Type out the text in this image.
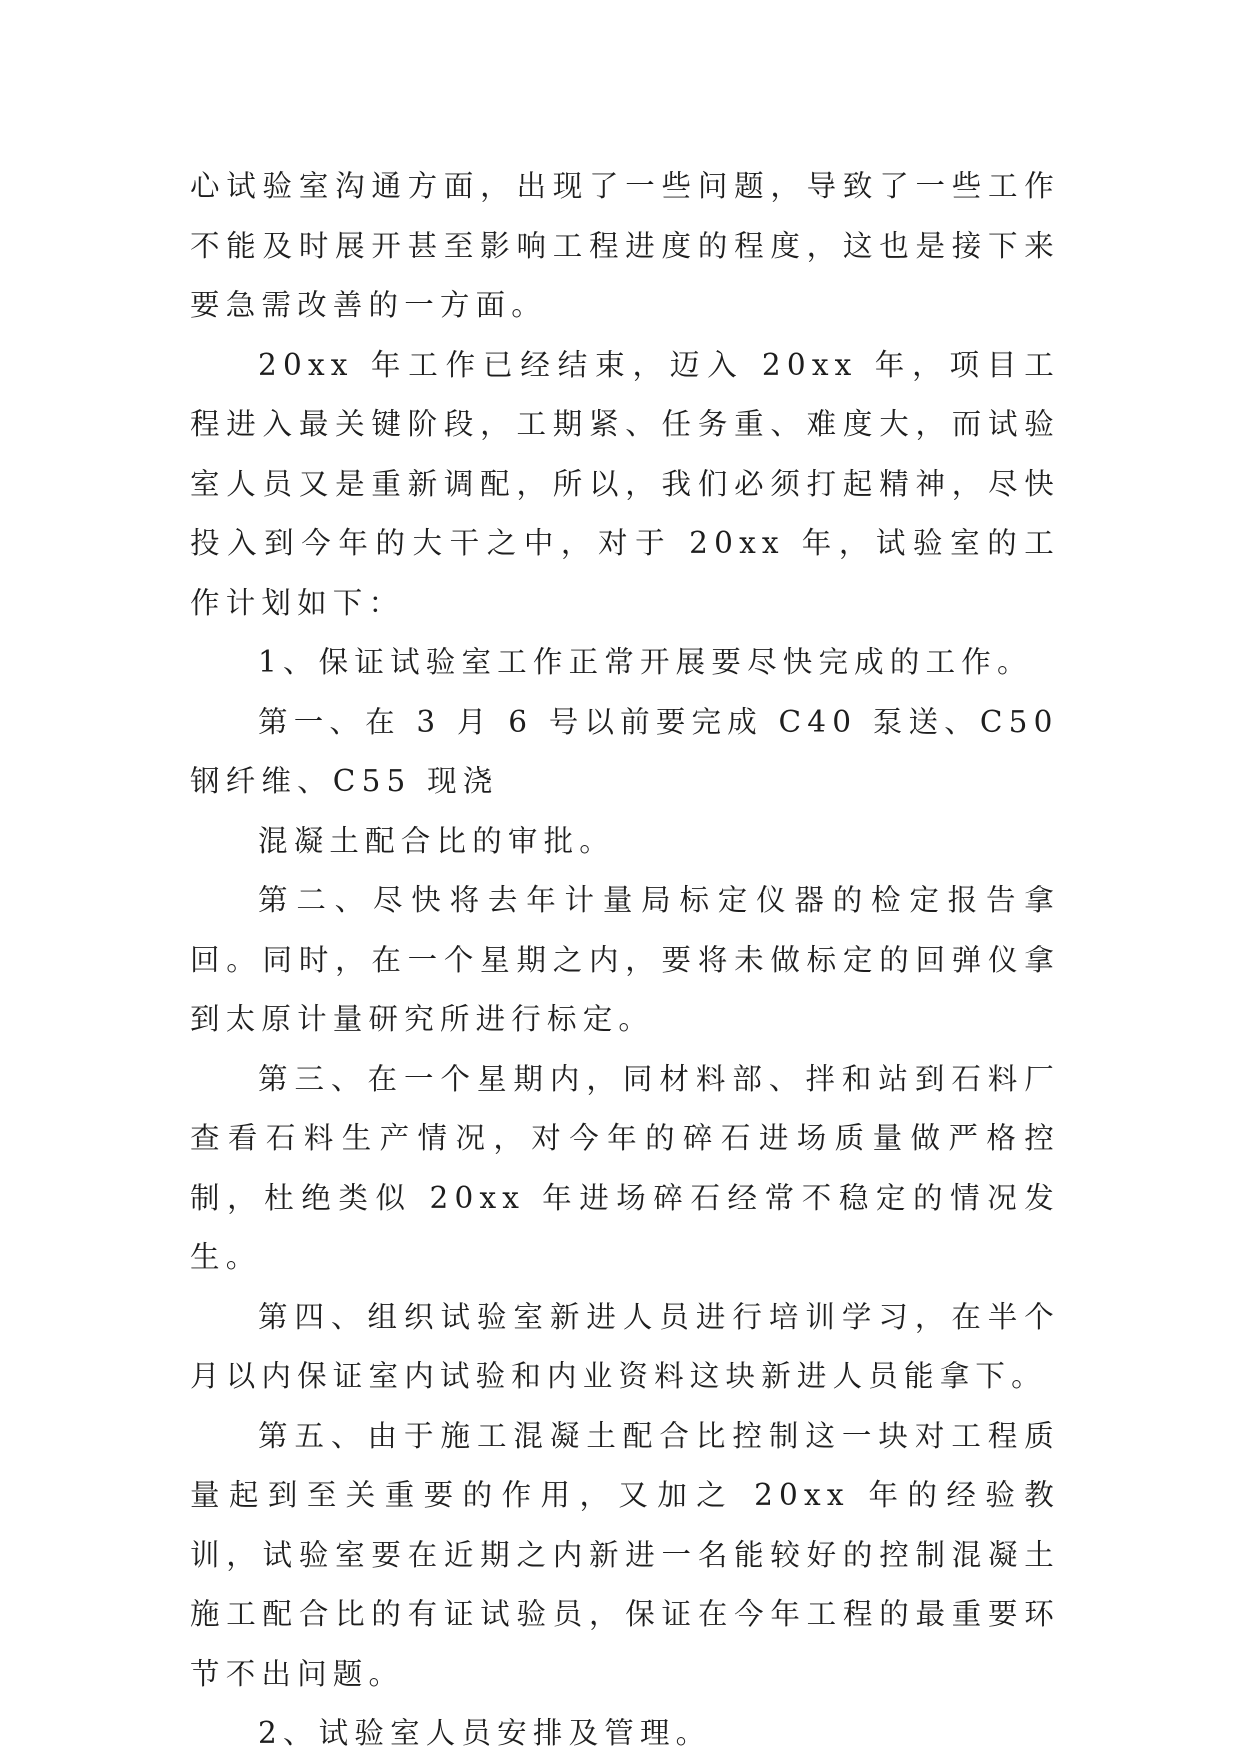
心试验室沟通方面，出现了一些问题，导致了一些工作不能及时展开甚至影响工程进度的程度，这也是接下来要急需改善的一方面。

20xx 年工作已经结束，迈入 20xx 年，项目工程进入最关键阶段，工期紧、任务重、难度大，而试验室人员又是重新调配，所以，我们必须打起精神，尽快投入到今年的大干之中，对于 20xx 年，试验室的工作计划如下：

1、保证试验室工作正常开展要尽快完成的工作。

第一、在 3 月 6 号以前要完成 C40 泵送、C50 钢纤维、C55 现浇

混凝土配合比的审批。

第二、尽快将去年计量局标定仪器的检定报告拿回。同时，在一个星期之内，要将未做标定的回弹仪拿到太原计量研究所进行标定。

第三、在一个星期内，同材料部、拌和站到石料厂查看石料生产情况，对今年的碎石进场质量做严格控制，杜绝类似 20xx 年进场碎石经常不稳定的情况发生。

第四、组织试验室新进人员进行培训学习，在半个月以内保证室内试验和内业资料这块新进人员能拿下。

第五、由于施工混凝土配合比控制这一块对工程质量起到至关重要的作用，又加之 20xx 年的经验教训，试验室要在近期之内新进一名能较好的控制混凝土施工配合比的有证试验员，保证在今年工程的最重要环节不出问题。

2、试验室人员安排及管理。
